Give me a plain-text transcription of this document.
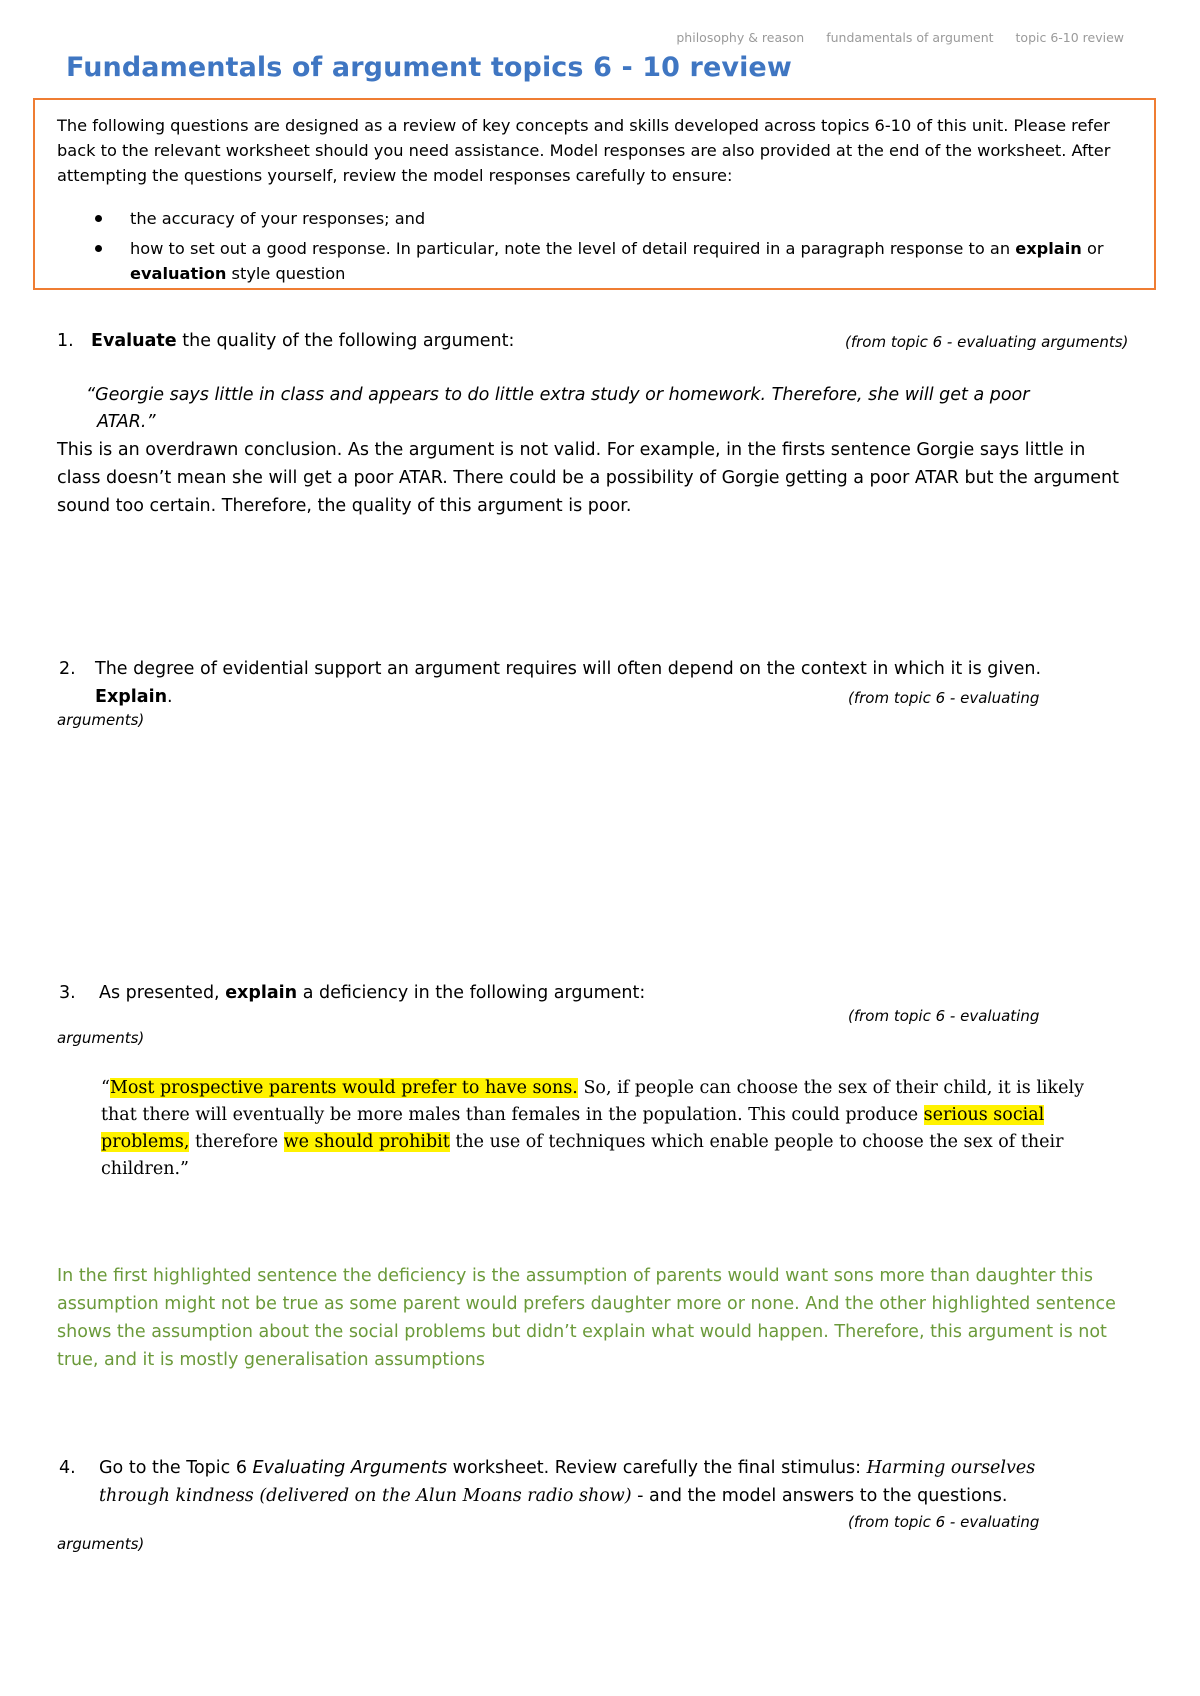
philosophy & reason fundamentals of argument topic 6-10 review
Fundamentals of argument topics 6 - 10 review
The following questions are designed as a review of key concepts and skills developed across topics 6-10 of this unit. Please refer back to the relevant worksheet should you need assistance. Model responses are also provided at the end of the worksheet. After attempting the questions yourself, review the model responses carefully to ensure:
the accuracy of your responses; and
how to set out a good response. In particular, note the level of detail required in a paragraph response to an explain or
evaluation style question
1. Evaluate the quality of the following argument:	(from topic 6 - evaluating arguments)
“Georgie says little in class and appears to do little extra study or homework. Therefore, she will get a poor
ATAR.”
This is an overdrawn conclusion. As the argument is not valid. For example, in the firsts sentence Gorgie says little in class doesn’t mean she will get a poor ATAR. There could be a possibility of Gorgie getting a poor ATAR but the argument sound too certain. Therefore, the quality of this argument is poor.
2. The degree of evidential support an argument requires will often depend on the context in which it is given.
Explain.	(from topic 6 - evaluating
arguments)
3. As presented, explain a deficiency in the following argument:
(from topic 6 - evaluating
arguments)
“Most prospective parents would prefer to have sons. So, if people can choose the sex of their child, it is likely that there will eventually be more males than females in the population. This could produce serious social problems, therefore we should prohibit the use of techniques which enable people to choose the sex of their children.”
In the first highlighted sentence the deficiency is the assumption of parents would want sons more than daughter this assumption might not be true as some parent would prefers daughter more or none. And the other highlighted sentence shows the assumption about the social problems but didn’t explain what would happen. Therefore, this argument is not true, and it is mostly generalisation assumptions
4. Go to the Topic 6 Evaluating Arguments worksheet. Review carefully the final stimulus: Harming ourselves through kindness (delivered on the Alun Moans radio show) - and the model answers to the questions.
(from topic 6 - evaluating
arguments)
